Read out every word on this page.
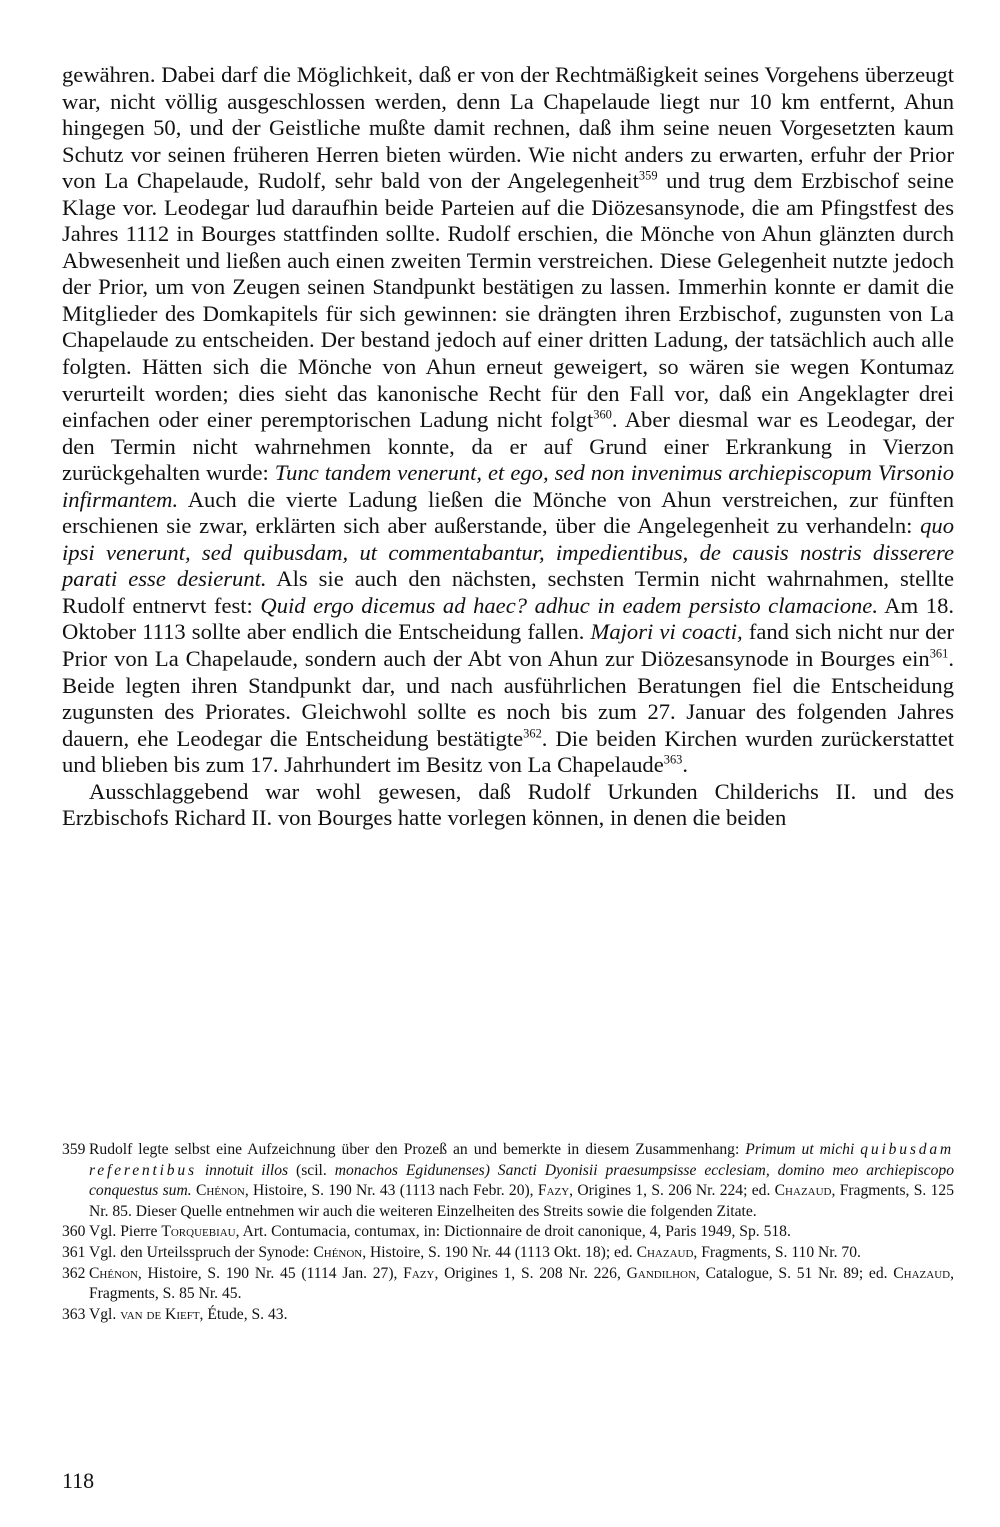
gewähren. Dabei darf die Möglichkeit, daß er von der Rechtmäßigkeit seines Vorgehens überzeugt war, nicht völlig ausgeschlossen werden, denn La Chapelaude liegt nur 10 km entfernt, Ahun hingegen 50, und der Geistliche mußte damit rechnen, daß ihm seine neuen Vorgesetzten kaum Schutz vor seinen früheren Herren bieten würden. Wie nicht anders zu erwarten, erfuhr der Prior von La Chapelaude, Rudolf, sehr bald von der Angelegenheit$^{359}$ und trug dem Erzbischof seine Klage vor. Leodegar lud daraufhin beide Parteien auf die Diözesansynode, die am Pfingstfest des Jahres 1112 in Bourges stattfinden sollte. Rudolf erschien, die Mönche von Ahun glänzten durch Abwesenheit und ließen auch einen zweiten Termin verstreichen. Diese Gelegenheit nutzte jedoch der Prior, um von Zeugen seinen Standpunkt bestätigen zu lassen. Immerhin konnte er damit die Mitglieder des Domkapitels für sich gewinnen: sie drängten ihren Erzbischof, zugunsten von La Chapelaude zu entscheiden. Der bestand jedoch auf einer dritten Ladung, der tatsächlich auch alle folgten. Hätten sich die Mönche von Ahun erneut geweigert, so wären sie wegen Kontumaz verurteilt worden; dies sieht das kanonische Recht für den Fall vor, daß ein Angeklagter drei einfachen oder einer peremptorischen Ladung nicht folgt$^{360}$. Aber diesmal war es Leodegar, der den Termin nicht wahrnehmen konnte, da er auf Grund einer Erkrankung in Vierzon zurückgehalten wurde: Tunc tandem venerunt, et ego, sed non invenimus archiepiscopum Virsonio infirmantem. Auch die vierte Ladung ließen die Mönche von Ahun verstreichen, zur fünften erschienen sie zwar, erklärten sich aber außerstande, über die Angelegenheit zu verhandeln: quo ipsi venerunt, sed quibusdam, ut commentabantur, impedientibus, de causis nostris disserere parati esse desierunt. Als sie auch den nächsten, sechsten Termin nicht wahrnahmen, stellte Rudolf entnervt fest: Quid ergo dicemus ad haec? adhuc in eadem persisto clamacione. Am 18. Oktober 1113 sollte aber endlich die Entscheidung fallen. Majori vi coacti, fand sich nicht nur der Prior von La Chapelaude, sondern auch der Abt von Ahun zur Diözesansynode in Bourges ein$^{361}$. Beide legten ihren Standpunkt dar, und nach ausführlichen Beratungen fiel die Entscheidung zugunsten des Priorates. Gleichwohl sollte es noch bis zum 27. Januar des folgenden Jahres dauern, ehe Leodegar die Entscheidung bestätigte$^{362}$. Die beiden Kirchen wurden zurückerstattet und blieben bis zum 17. Jahrhundert im Besitz von La Chapelaude$^{363}$.

Ausschlaggebend war wohl gewesen, daß Rudolf Urkunden Childerichs II. und des Erzbischofs Richard II. von Bourges hatte vorlegen können, in denen die beiden

359 Rudolf legte selbst eine Aufzeichnung über den Prozeß an und bemerkte in diesem Zusammenhang: Primum ut michi quibusdam referentibus innotuit illos (scil. monachos Egidunenses) Sancti Dyonisii praesumpsisse ecclesiam, domino meo archiepiscopo conquestus sum. Chénon, Histoire, S. 190 Nr. 43 (1113 nach Febr. 20), Fazy, Origines 1, S. 206 Nr. 224; ed. Chazaud, Fragments, S. 125 Nr. 85. Dieser Quelle entnehmen wir auch die weiteren Einzelheiten des Streits sowie die folgenden Zitate.

360 Vgl. Pierre Torquebiau, Art. Contumacia, contumax, in: Dictionnaire de droit canonique, 4, Paris 1949, Sp. 518.

361 Vgl. den Urteilsspruch der Synode: Chénon, Histoire, S. 190 Nr. 44 (1113 Okt. 18); ed. Chazaud, Fragments, S. 110 Nr. 70.

362 Chénon, Histoire, S. 190 Nr. 45 (1114 Jan. 27), Fazy, Origines 1, S. 208 Nr. 226, Gandilhon, Catalogue, S. 51 Nr. 89; ed. Chazaud, Fragments, S. 85 Nr. 45.

363 Vgl. van de Kieft, Étude, S. 43.

118
